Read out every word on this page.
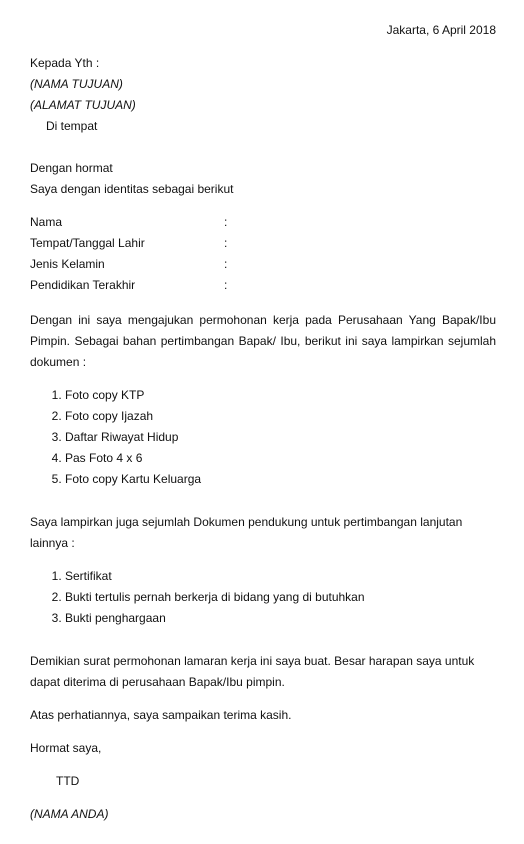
Jakarta, 6 April 2018

Kepada Yth :

(NAMA TUJUAN)

(ALAMAT TUJUAN)

Di tempat

Dengan hormat

Saya dengan identitas sebagai berikut

Nama	:
Tempat/Tanggal Lahir	:
Jenis Kelamin	:
Pendidikan Terakhir	:

Dengan ini saya mengajukan permohonan kerja pada Perusahaan Yang Bapak/Ibu Pimpin. Sebagai bahan pertimbangan Bapak/ Ibu, berikut ini saya lampirkan sejumlah dokumen :

1. Foto copy KTP
2. Foto copy Ijazah
3. Daftar Riwayat Hidup
4. Pas Foto 4 x 6
5. Foto copy Kartu Keluarga

Saya lampirkan juga sejumlah Dokumen pendukung untuk pertimbangan lanjutan lainnya :

1. Sertifikat
2. Bukti tertulis pernah berkerja di bidang yang di butuhkan
3. Bukti penghargaan

Demikian surat permohonan lamaran kerja ini saya buat. Besar harapan saya untuk dapat diterima di perusahaan Bapak/Ibu pimpin.

Atas perhatiannya, saya sampaikan terima kasih.

Hormat saya,

TTD

(NAMA ANDA)
